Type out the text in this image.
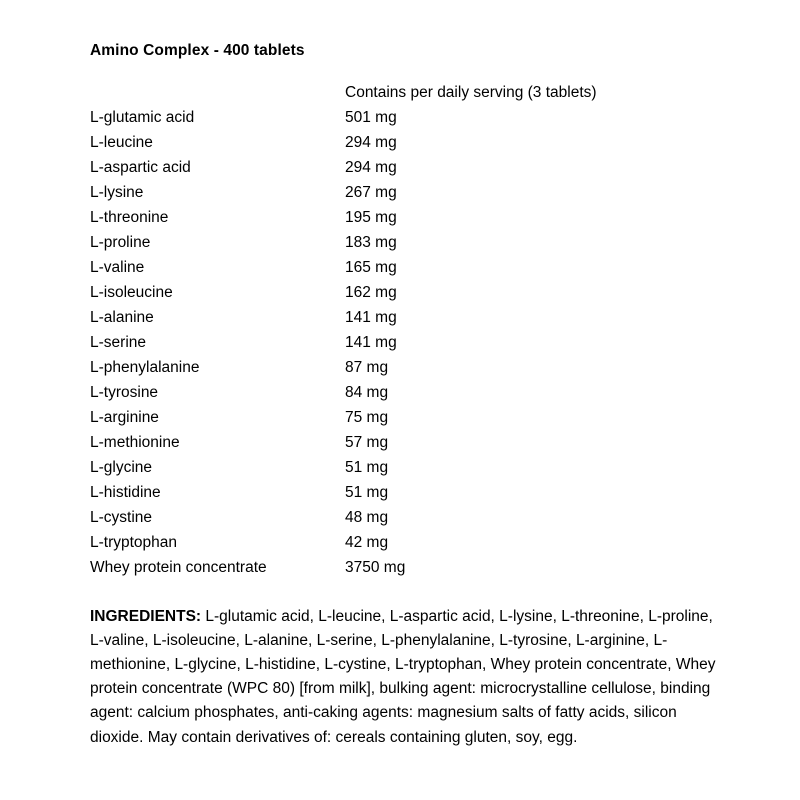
Amino Complex - 400 tablets
	Contains per daily serving (3 tablets)
L-glutamic acid	501 mg
L-leucine	294 mg
L-aspartic acid	294 mg
L-lysine	267 mg
L-threonine	195 mg
L-proline	183 mg
L-valine	165 mg
L-isoleucine	162 mg
L-alanine	141 mg
L-serine	141 mg
L-phenylalanine	87 mg
L-tyrosine	84 mg
L-arginine	75 mg
L-methionine	57 mg
L-glycine	51 mg
L-histidine	51 mg
L-cystine	48 mg
L-tryptophan	42 mg
Whey protein concentrate	3750 mg

INGREDIENTS: L-glutamic acid, L-leucine, L-aspartic acid, L-lysine, L-threonine, L-proline, L-valine, L-isoleucine, L-alanine, L-serine, L-phenylalanine, L-tyrosine, L-arginine, L-methionine, L-glycine, L-histidine, L-cystine, L-tryptophan, Whey protein concentrate, Whey protein concentrate (WPC 80) [from milk], bulking agent: microcrystalline cellulose, binding agent: calcium phosphates, anti-caking agents: magnesium salts of fatty acids, silicon dioxide. May contain derivatives of: cereals containing gluten, soy, egg.
